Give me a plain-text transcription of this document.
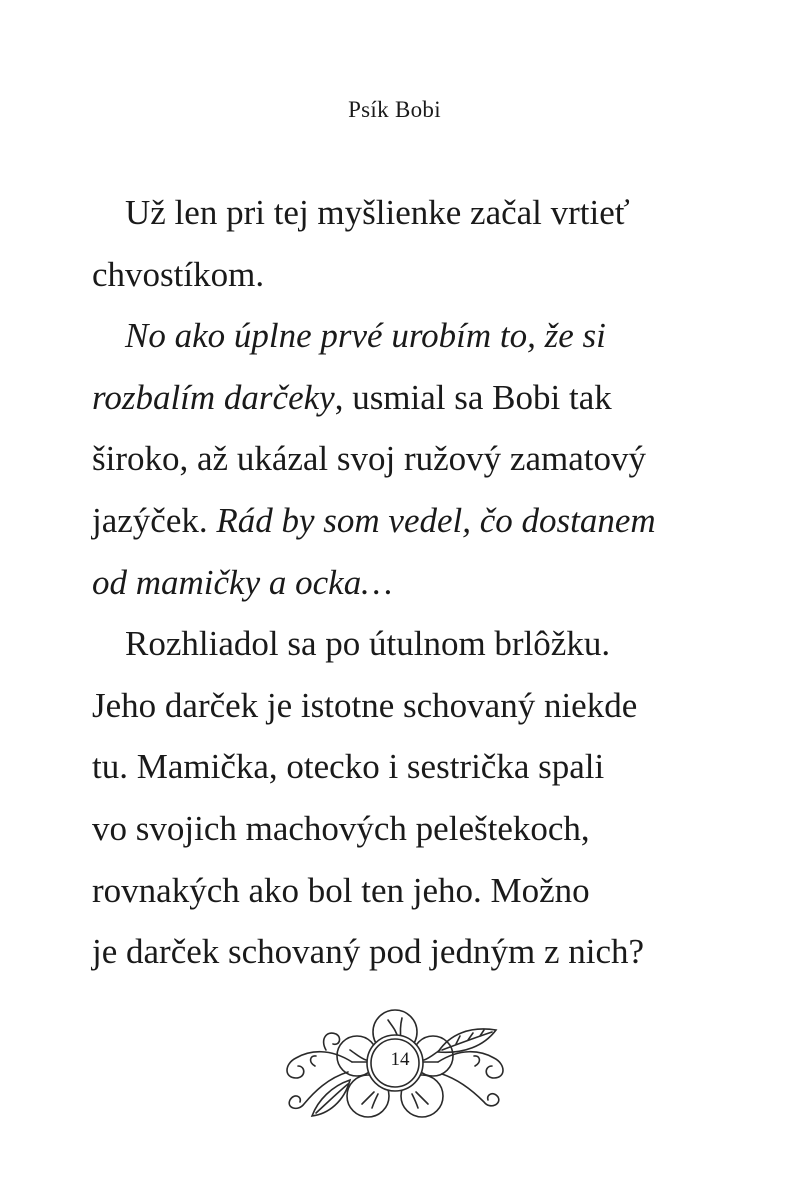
Psík Bobi
Už len pri tej myšlienke začal vrtieť
chvostíkom.
No ako úplne prvé urobím to, že si
rozbalím darčeky, usmial sa Bobi tak
široko, až ukázal svoj ružový zamatový
jazýček. Rád by som vedel, čo dostanem
od mamičky a ocka…
Rozhliadol sa po útulnom brlôžku.
Jeho darček je istotne schovaný niekde
tu. Mamička, otecko i sestrička spali
vo svojich machových peleštekoch,
rovnakých ako bol ten jeho. Možno
je darček schovaný pod jedným z nich?
14
